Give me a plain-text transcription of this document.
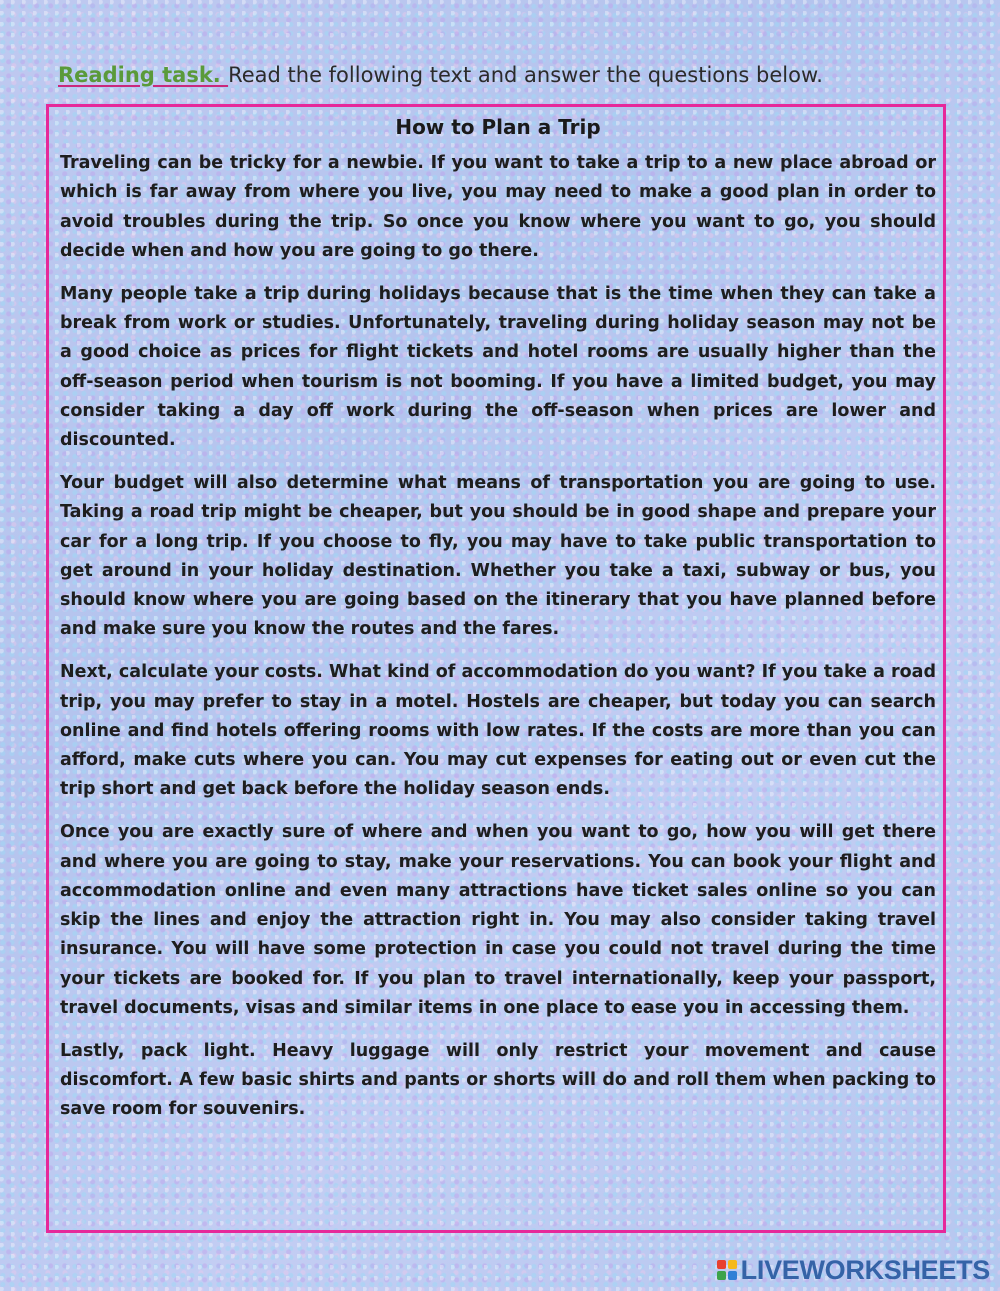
Reading task. Read the following text and answer the questions below.
How to Plan a Trip

Traveling can be tricky for a newbie. If you want to take a trip to a new place abroad or which is far away from where you live, you may need to make a good plan in order to avoid troubles during the trip. So once you know where you want to go, you should decide when and how you are going to go there.

Many people take a trip during holidays because that is the time when they can take a break from work or studies. Unfortunately, traveling during holiday season may not be a good choice as prices for flight tickets and hotel rooms are usually higher than the off-season period when tourism is not booming. If you have a limited budget, you may consider taking a day off work during the off-season when prices are lower and discounted.

Your budget will also determine what means of transportation you are going to use. Taking a road trip might be cheaper, but you should be in good shape and prepare your car for a long trip. If you choose to fly, you may have to take public transportation to get around in your holiday destination. Whether you take a taxi, subway or bus, you should know where you are going based on the itinerary that you have planned before and make sure you know the routes and the fares.

Next, calculate your costs. What kind of accommodation do you want? If you take a road trip, you may prefer to stay in a motel. Hostels are cheaper, but today you can search online and find hotels offering rooms with low rates. If the costs are more than you can afford, make cuts where you can. You may cut expenses for eating out or even cut the trip short and get back before the holiday season ends.

Once you are exactly sure of where and when you want to go, how you will get there and where you are going to stay, make your reservations. You can book your flight and accommodation online and even many attractions have ticket sales online so you can skip the lines and enjoy the attraction right in. You may also consider taking travel insurance. You will have some protection in case you could not travel during the time your tickets are booked for. If you plan to travel internationally, keep your passport, travel documents, visas and similar items in one place to ease you in accessing them.

Lastly, pack light. Heavy luggage will only restrict your movement and cause discomfort. A few basic shirts and pants or shorts will do and roll them when packing to save room for souvenirs.

LIVEWORKSHEETS
